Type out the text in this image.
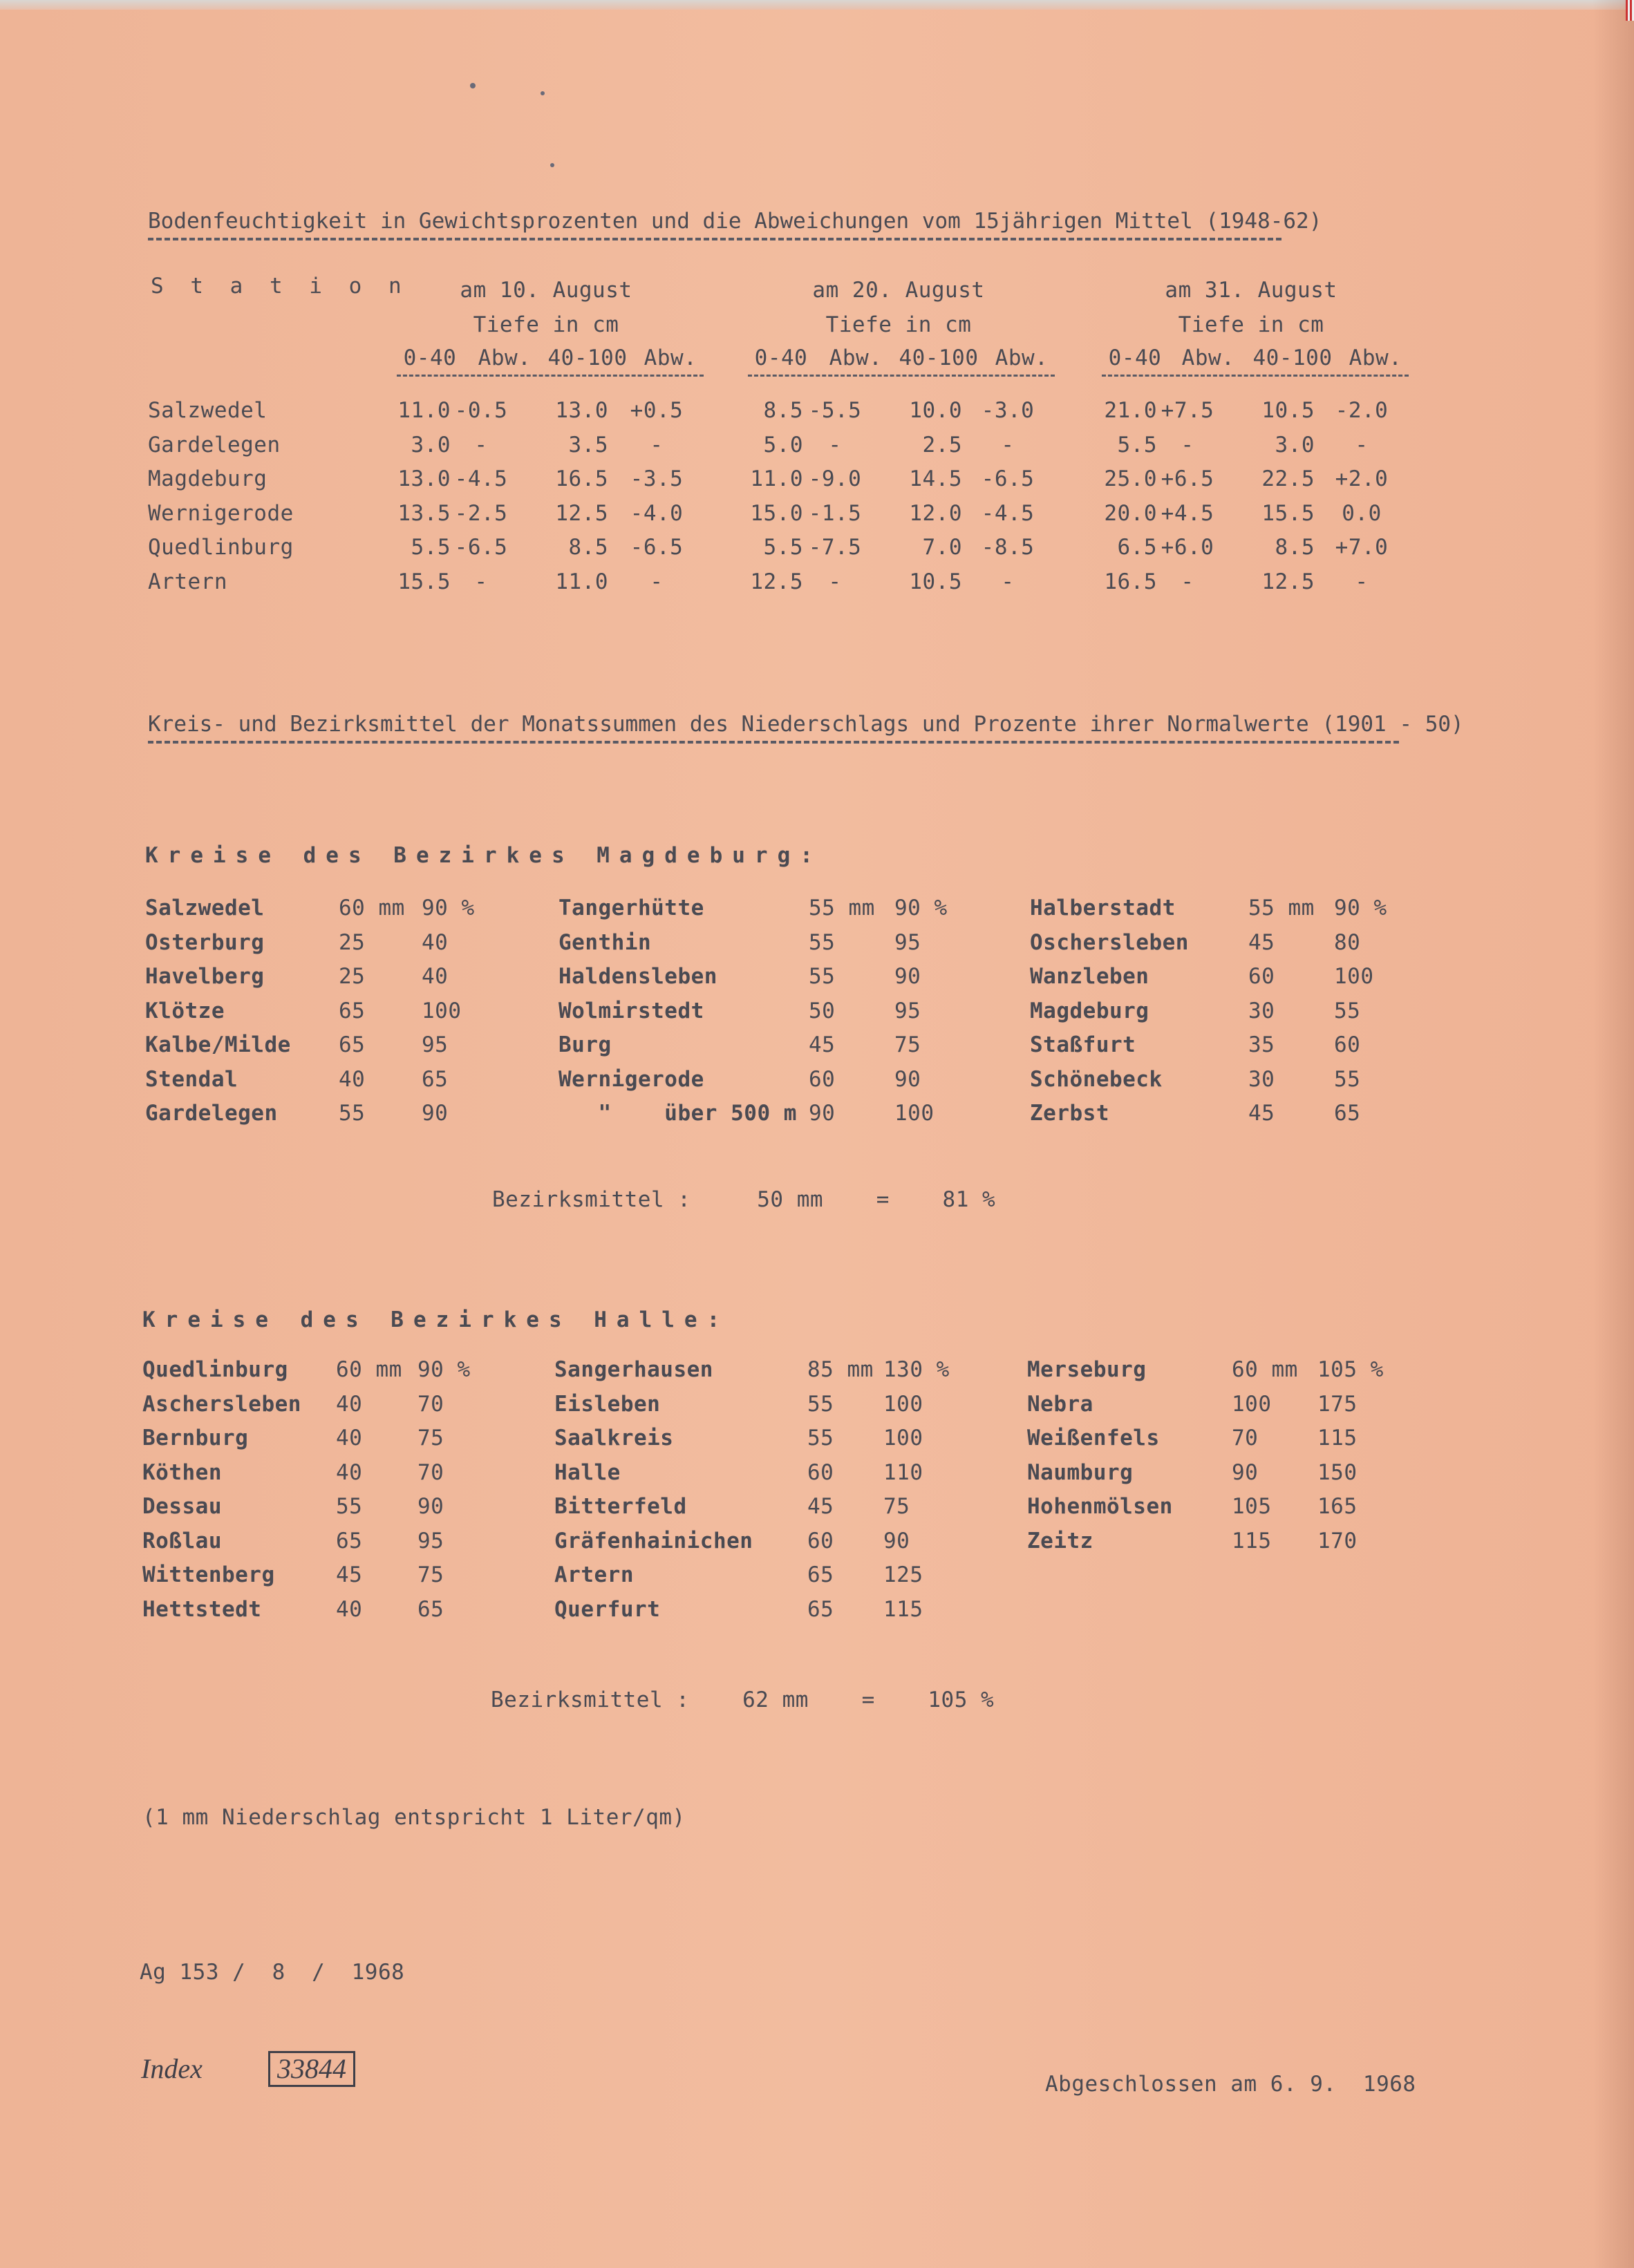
Bodenfeuchtigkeit in Gewichtsprozenten und die Abweichungen vom 15jährigen Mittel (1948-62)
S t a t i o n	am 10. August
Tiefe in cm
0-40 Abw. 40-100 Abw.
am 20. August
Tiefe in cm
0-40 Abw. 40-100 Abw.
am 31. August
Tiefe in cm
0-40 Abw. 40-100 Abw.
Salzwedel	11.0 -0.5	13.0	+0.5	8.5 -5.5	10.0 -3.0	21.0 +7.5	10.5 -2.0
Gardelegen	3.0	-	3.5	-	5.0	-	2.5	-	5.5	-	3.0	-
Magdeburg	13.0 -4.5	16.5	-3.5	11.0 -9.0	14.5 -6.5	25.0 +6.5	22.5 +2.0
Wernigerode	13.5 -2.5	12.5	-4.0	15.0 -1.5	12.0 -4.5	20.0 +4.5	15.5	0.0
Quedlinburg	5.5 -6.5	8.5	-6.5	5.5 -7.5	7.0 -8.5	6.5 +6.0	8.5 +7.0
Artern	15.5	-	11.0	-	12.5	-	10.5	-	16.5	-	12.5	-
Kreis- und Bezirksmittel der Monatssummen des Niederschlags und Prozente ihrer Normalwerte (1901 - 50)
Kreise des Bezirkes Magdeburg:
Salzwedel	60 mm 90 %
Osterburg	25	40
Havelberg	25	40
Klötze	65	100
Kalbe/Milde 65	95
Stendal	40	65
Gardelegen	55	90
Tangerhütte	55 mm 90 %
Genthin	55	95
Haldensleben	55	90
Wolmirstedt	50	95
Burg	45	75
Wernigerode	60	90
"    über 500 m 90	100
Halberstadt	55 mm 90 %
Oschersleben	45	80
Wanzleben	60	100
Magdeburg	30	55
Staßfurt	35	60
Schönebeck	30	55
Zerbst	45	65
Bezirksmittel :     50 mm    =    81 %
Kreise des Bezirkes Halle:
Quedlinburg 60 mm 90 %
Aschersleben 40	70
Bernburg	40	75
Köthen	40	70
Dessau	55	90
Roßlau	65	95
Wittenberg	45	75
Hettstedt	40	65
Sangerhausen	85 mm 130 %
Eisleben	55 100
Saalkreis	55 100
Halle	60 110
Bitterfeld	45 75
Gräfenhainichen	60 90
Artern	65 125
Querfurt	65 115
Merseburg	60 mm 105 %
Nebra	100 175
Weißenfels	70	115
Naumburg	90	150
Hohenmölsen	105 165
Zeitz	115 170
Bezirksmittel :    62 mm    =    105 %
(1 mm Niederschlag entspricht 1 Liter/qm)
Ag 153 /  8  /  1968
Index	33844	Abgeschlossen am 6. 9.  1968
